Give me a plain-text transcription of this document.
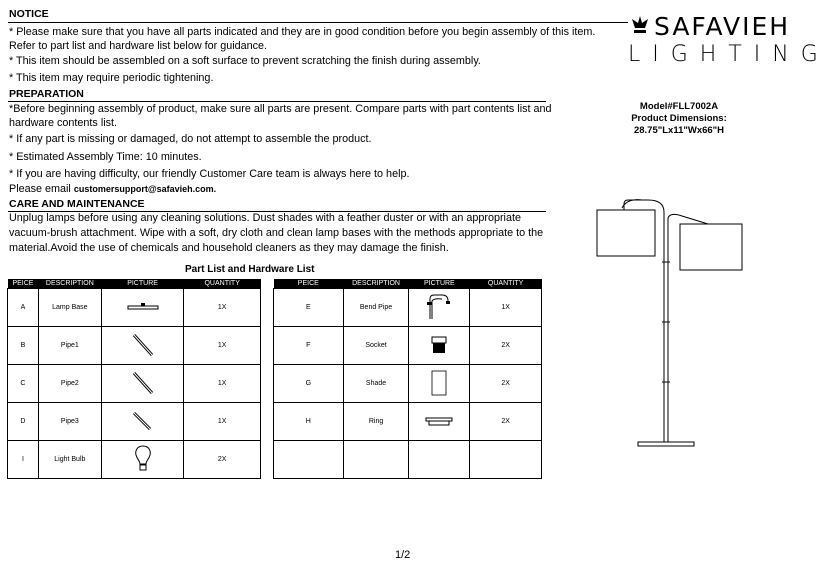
NOTICE
* Please make sure that you have all parts indicated and they are in good condition before you begin assembly of this item.
Refer to part list and hardware list below for guidance.
* This item should be assembled on a soft surface to prevent scratching the finish during assembly.
* This item may require periodic tightening.
PREPARATION
*Before beginning assembly of product, make sure all parts are present. Compare parts with part contents list and
hardware contents list.
* If any part is missing or damaged, do not attempt to assemble the product.
* Estimated Assembly Time: 10 minutes.
* If you are having difficulty, our friendly Customer Care team is always here to help.
Please email customersupport@safavieh.com.
CARE AND MAINTENANCE
Unplug lamps before using any cleaning solutions. Dust shades with a feather duster or with an appropriate
vacuum-brush attachment. Wipe with a soft, dry cloth and clean lamp bases with the methods appropriate to the
material.Avoid the use of chemicals and household cleaners as they may damage the finish.
SAFAVIEH
LIGHTING
Model#FLL7002A
Product Dimensions:
28.75"Lx11"Wx66"H
Part List and Hardware List
PEICE	DESCRIPTION	PICTURE	QUANTITY
A	Lamp Base		1X
B	Pipe1		1X
C	Pipe2		1X
D	Pipe3		1X
I	Light Bulb		2X
PEICE	DESCRIPTION	PICTURE	QUANTITY
E	Bend Pipe		1X
F	Socket		2X
G	Shade		2X
H	Ring		2X

1/2
